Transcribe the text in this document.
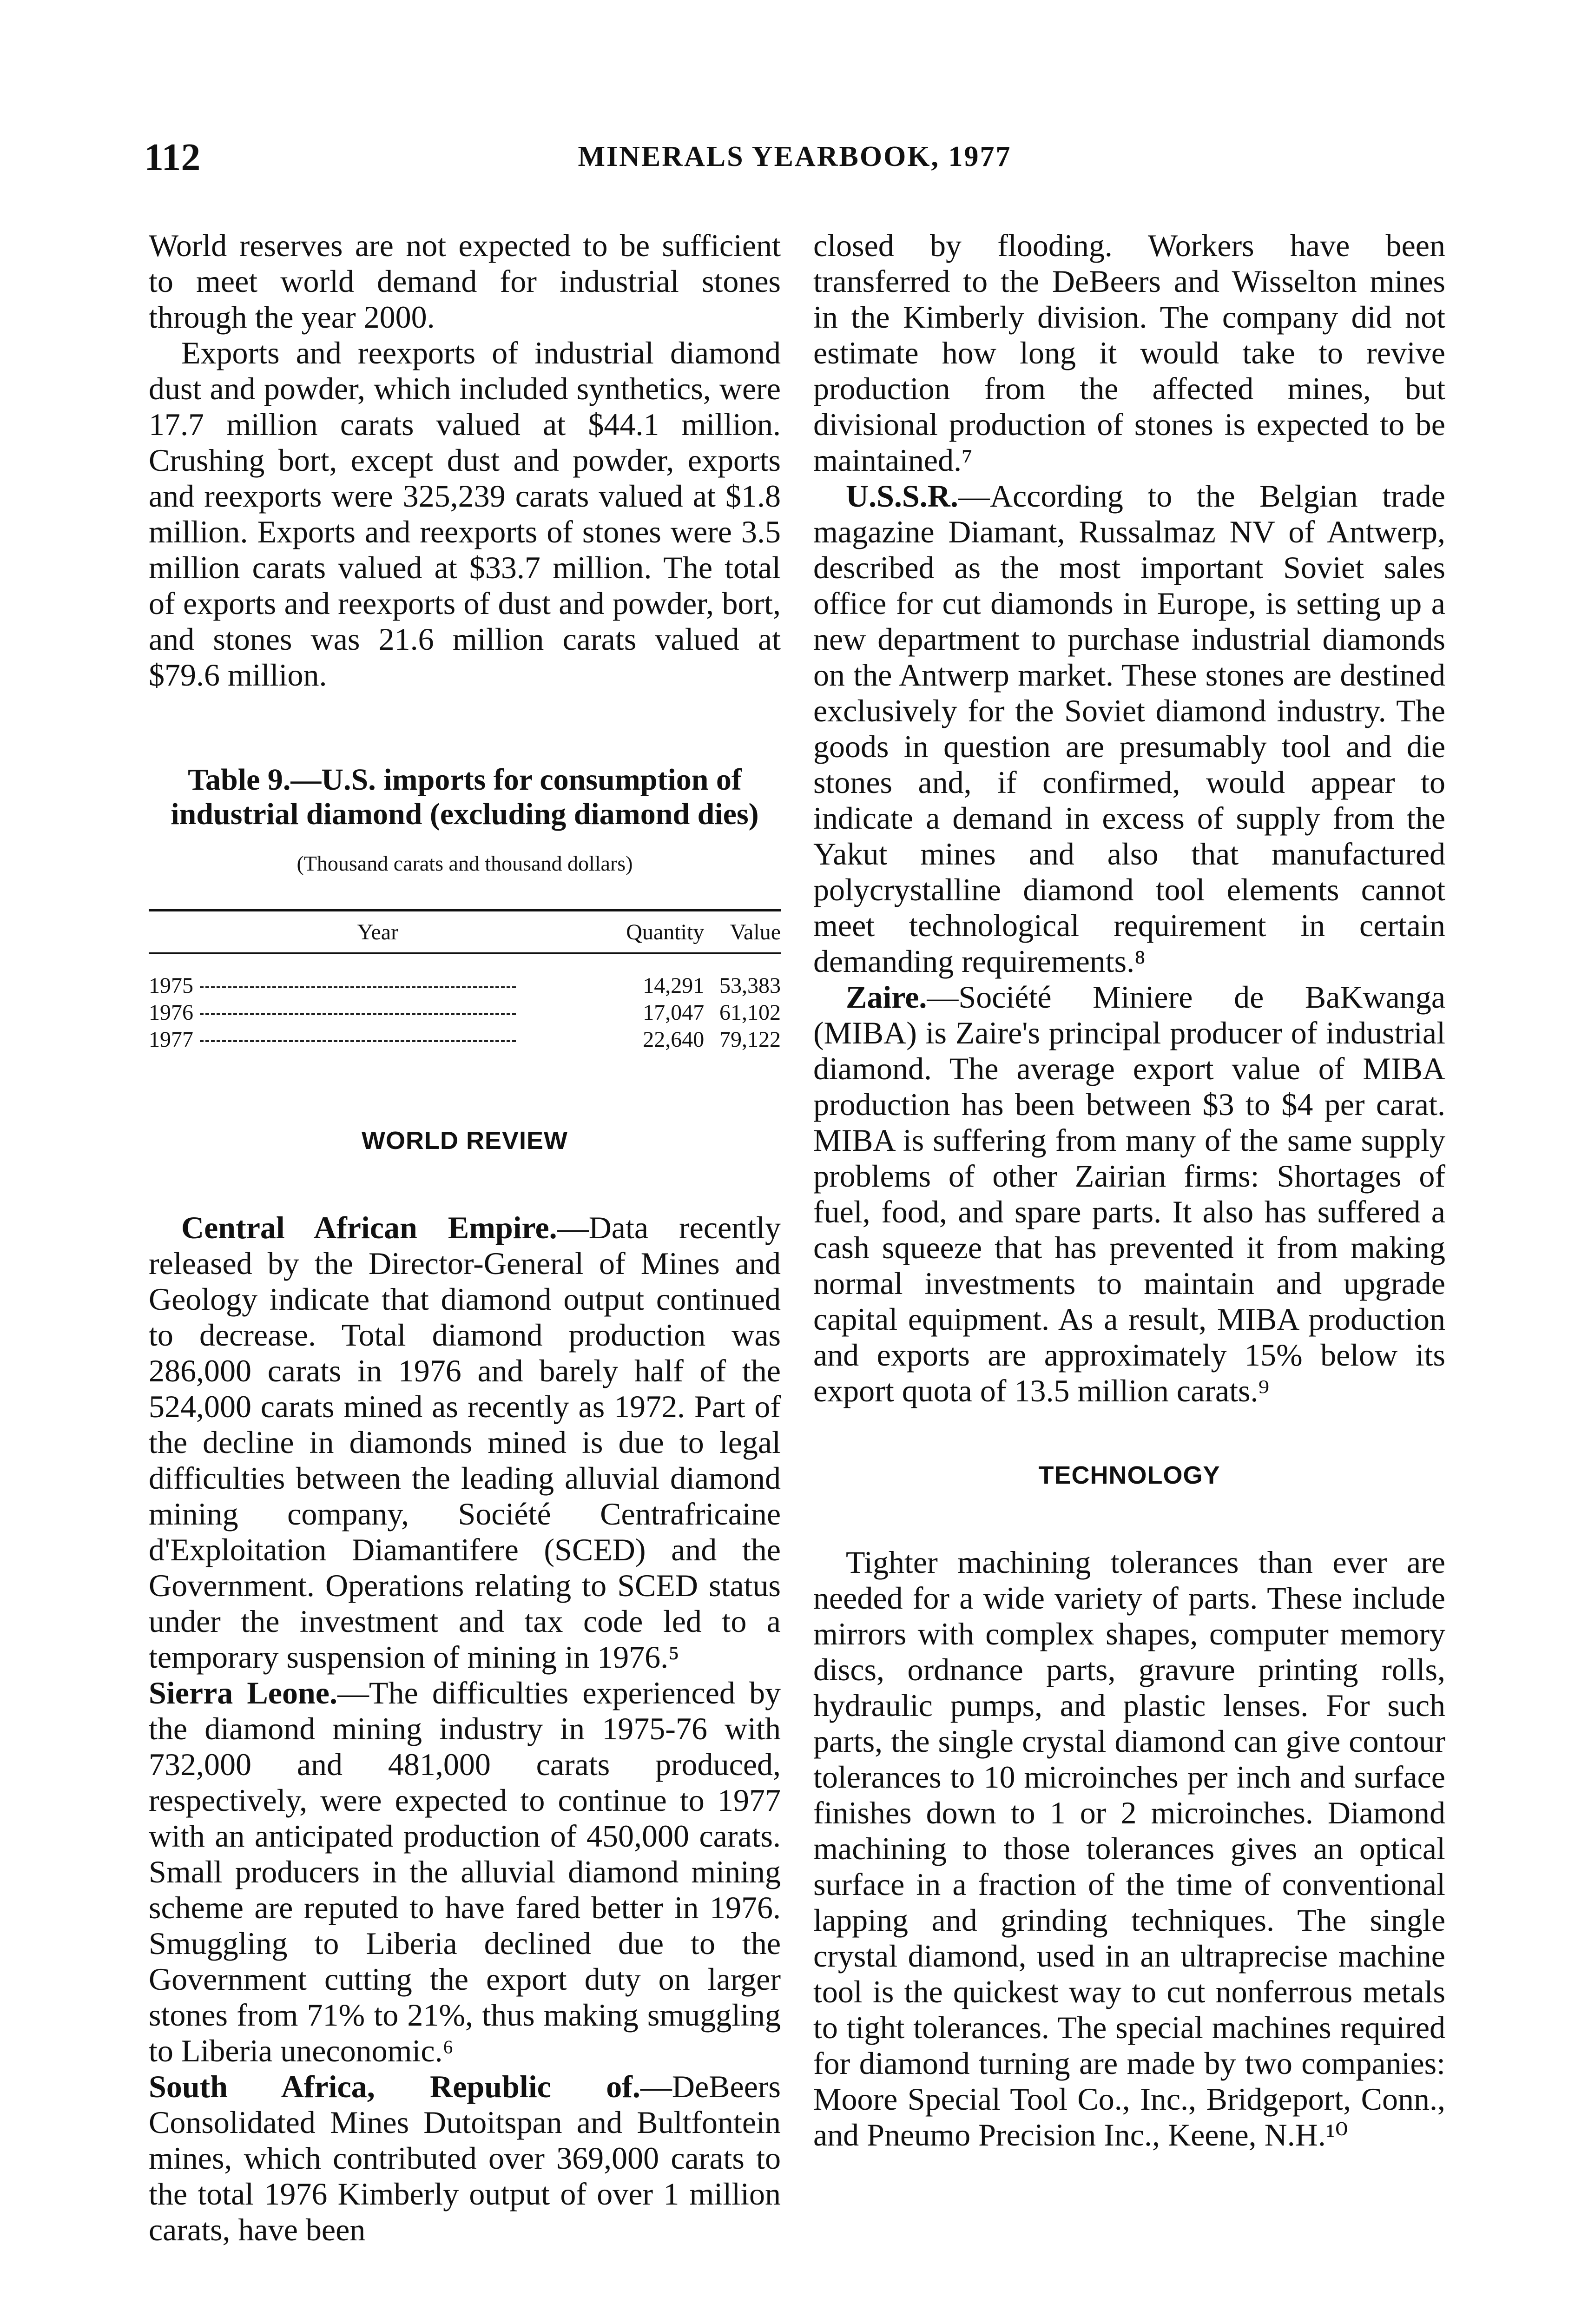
112	MINERALS YEARBOOK, 1977

World reserves are not expected to be sufficient to meet world demand for industrial stones through the year 2000.

Exports and reexports of industrial diamond dust and powder, which included synthetics, were 17.7 million carats valued at $44.1 million. Crushing bort, except dust and powder, exports and reexports were 325,239 carats valued at $1.8 million. Exports and reexports of stones were 3.5 million carats valued at $33.7 million. The total of exports and reexports of dust and powder, bort, and stones was 21.6 million carats valued at $79.6 million.

Table 9.—U.S. imports for consumption of industrial diamond (excluding diamond dies)
(Thousand carats and thousand dollars)
Year	Quantity	Value
1975	14,291	53,383
1976	17,047	61,102
1977	22,640	79,122
WORLD REVIEW

Central African Empire.—Data recently released by the Director-General of Mines and Geology indicate that diamond output continued to decrease. Total diamond production was 286,000 carats in 1976 and barely half of the 524,000 carats mined as recently as 1972. Part of the decline in diamonds mined is due to legal difficulties between the leading alluvial diamond mining company, Société Centrafricaine d'Exploitation Diamantifere (SCED) and the Government. Operations relating to SCED status under the investment and tax code led to a temporary suspension of mining in 1976.⁵

Sierra Leone.—The difficulties experienced by the diamond mining industry in 1975-76 with 732,000 and 481,000 carats produced, respectively, were expected to continue to 1977 with an anticipated production of 450,000 carats. Small producers in the alluvial diamond mining scheme are reputed to have fared better in 1976. Smuggling to Liberia declined due to the Government cutting the export duty on larger stones from 71% to 21%, thus making smuggling to Liberia uneconomic.⁶

South Africa, Republic of.—DeBeers Consolidated Mines Dutoitspan and Bultfontein mines, which contributed over 369,000 carats to the total 1976 Kimberly output of over 1 million carats, have been

closed by flooding. Workers have been transferred to the DeBeers and Wisselton mines in the Kimberly division. The company did not estimate how long it would take to revive production from the affected mines, but divisional production of stones is expected to be maintained.⁷

U.S.S.R.—According to the Belgian trade magazine Diamant, Russalmaz NV of Antwerp, described as the most important Soviet sales office for cut diamonds in Europe, is setting up a new department to purchase industrial diamonds on the Antwerp market. These stones are destined exclusively for the Soviet diamond industry. The goods in question are presumably tool and die stones and, if confirmed, would appear to indicate a demand in excess of supply from the Yakut mines and also that manufactured polycrystalline diamond tool elements cannot meet technological requirement in certain demanding requirements.⁸

Zaire.—Société Miniere de BaKwanga (MIBA) is Zaire's principal producer of industrial diamond. The average export value of MIBA production has been between $3 to $4 per carat. MIBA is suffering from many of the same supply problems of other Zairian firms: Shortages of fuel, food, and spare parts. It also has suffered a cash squeeze that has prevented it from making normal investments to maintain and upgrade capital equipment. As a result, MIBA production and exports are approximately 15% below its export quota of 13.5 million carats.⁹

TECHNOLOGY

Tighter machining tolerances than ever are needed for a wide variety of parts. These include mirrors with complex shapes, computer memory discs, ordnance parts, gravure printing rolls, hydraulic pumps, and plastic lenses. For such parts, the single crystal diamond can give contour tolerances to 10 microinches per inch and surface finishes down to 1 or 2 microinches. Diamond machining to those tolerances gives an optical surface in a fraction of the time of conventional lapping and grinding techniques. The single crystal diamond, used in an ultraprecise machine tool is the quickest way to cut nonferrous metals to tight tolerances. The special machines required for diamond turning are made by two companies: Moore Special Tool Co., Inc., Bridgeport, Conn., and Pneumo Precision Inc., Keene, N.H.¹⁰
